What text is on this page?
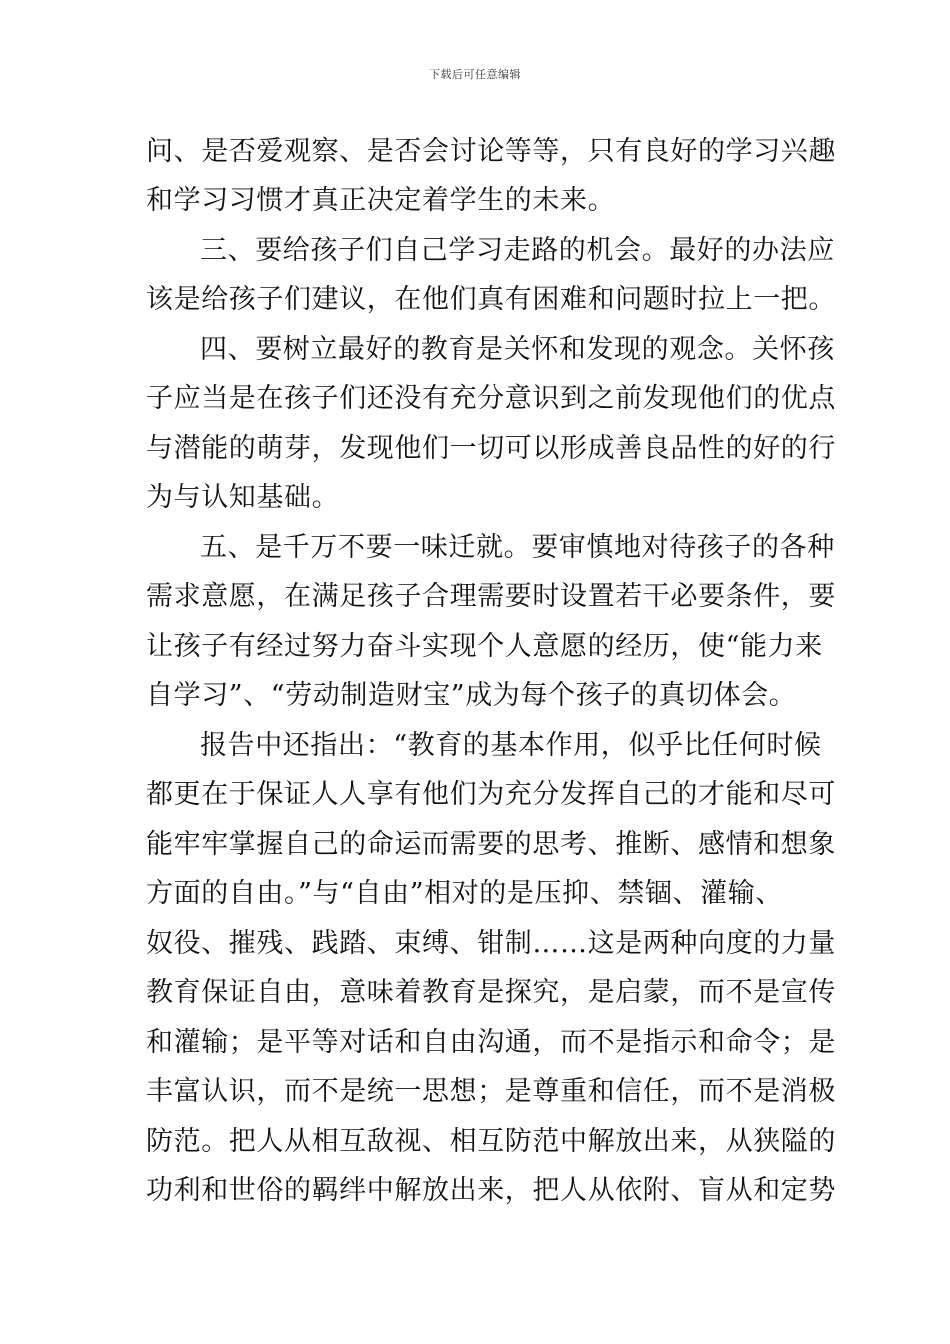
下载后可任意编辑
问、是否爱观察、是否会讨论等等，只有良好的学习兴趣
和学习习惯才真正决定着学生的未来。
三、要给孩子们自己学习走路的机会。最好的办法应
该是给孩子们建议，在他们真有困难和问题时拉上一把。
四、要树立最好的教育是关怀和发现的观念。关怀孩
子应当是在孩子们还没有充分意识到之前发现他们的优点
与潜能的萌芽，发现他们一切可以形成善良品性的好的行
为与认知基础。
五、是千万不要一味迁就。要审慎地对待孩子的各种
需求意愿，在满足孩子合理需要时设置若干必要条件，要
让孩子有经过努力奋斗实现个人意愿的经历，使“能力来
自学习”、“劳动制造财宝”成为每个孩子的真切体会。
报告中还指出：“教育的基本作用，似乎比任何时候
都更在于保证人人享有他们为充分发挥自己的才能和尽可
能牢牢掌握自己的命运而需要的思考、推断、感情和想象
方面的自由。”与“自由”相对的是压抑、禁锢、灌输、
奴役、摧残、践踏、束缚、钳制……这是两种向度的力量
教育保证自由，意味着教育是探究，是启蒙，而不是宣传
和灌输；是平等对话和自由沟通，而不是指示和命令；是
丰富认识，而不是统一思想；是尊重和信任，而不是消极
防范。把人从相互敌视、相互防范中解放出来，从狭隘的
功利和世俗的羁绊中解放出来，把人从依附、盲从和定势
